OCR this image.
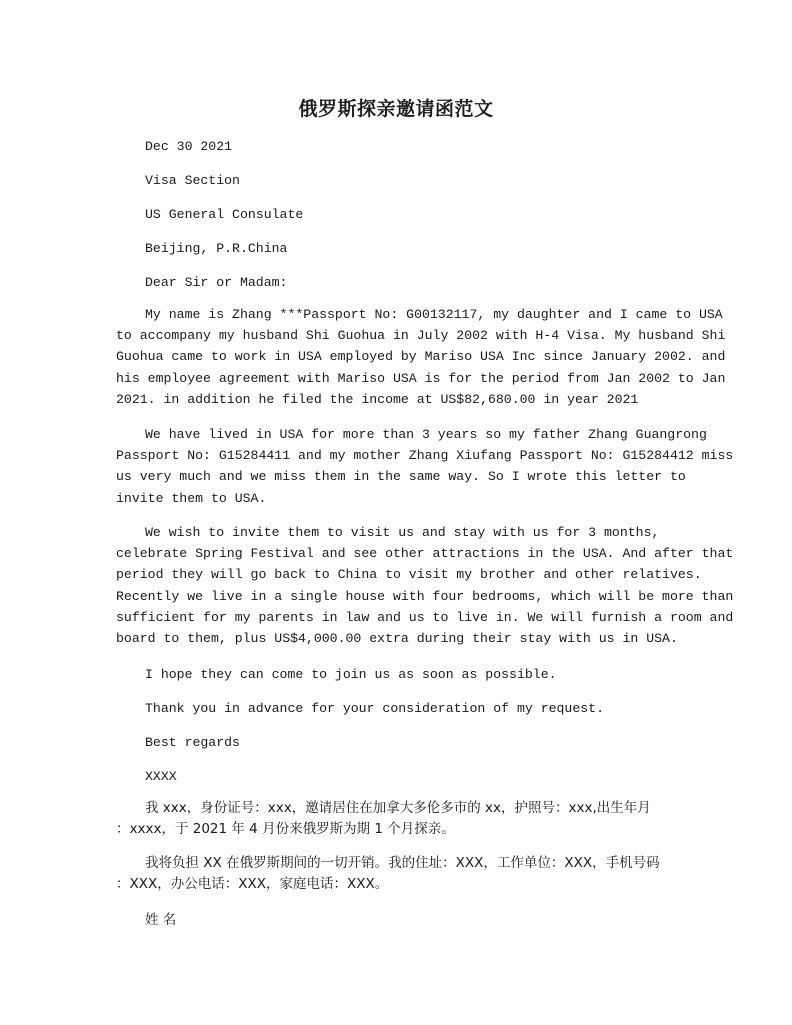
俄罗斯探亲邀请函范文
Dec 30 2021
Visa Section
US General Consulate
Beijing, P.R.China
Dear Sir or Madam:
My name is Zhang ***Passport No: G00132117, my daughter and I came to USA
to accompany my husband Shi Guohua in July 2002 with H-4 Visa. My husband Shi
Guohua came to work in USA employed by Mariso USA Inc since January 2002. and
his employee agreement with Mariso USA is for the period from Jan 2002 to Jan
2021. in addition he filed the income at US$82,680.00 in year 2021
We have lived in USA for more than 3 years so my father Zhang Guangrong
Passport No: G15284411 and my mother Zhang Xiufang Passport No: G15284412 miss
us very much and we miss them in the same way. So I wrote this letter to
invite them to USA.
We wish to invite them to visit us and stay with us for 3 months,
celebrate Spring Festival and see other attractions in the USA. And after that
period they will go back to China to visit my brother and other relatives.
Recently we live in a single house with four bedrooms, which will be more than
sufficient for my parents in law and us to live in. We will furnish a room and
board to them, plus US$4,000.00 extra during their stay with us in USA.
I hope they can come to join us as soon as possible.
Thank you in advance for your consideration of my request.
Best regards
XXXX
我 xxx，身份证号：xxx，邀请居住在加拿大多伦多市的 xx，护照号：xxx,出生年月
：xxxx，于 2021 年 4 月份来俄罗斯为期 1 个月探亲。
我将负担 XX 在俄罗斯期间的一切开销。我的住址：XXX，工作单位：XXX，手机号码
：XXX，办公电话：XXX，家庭电话：XXX。
姓 名
